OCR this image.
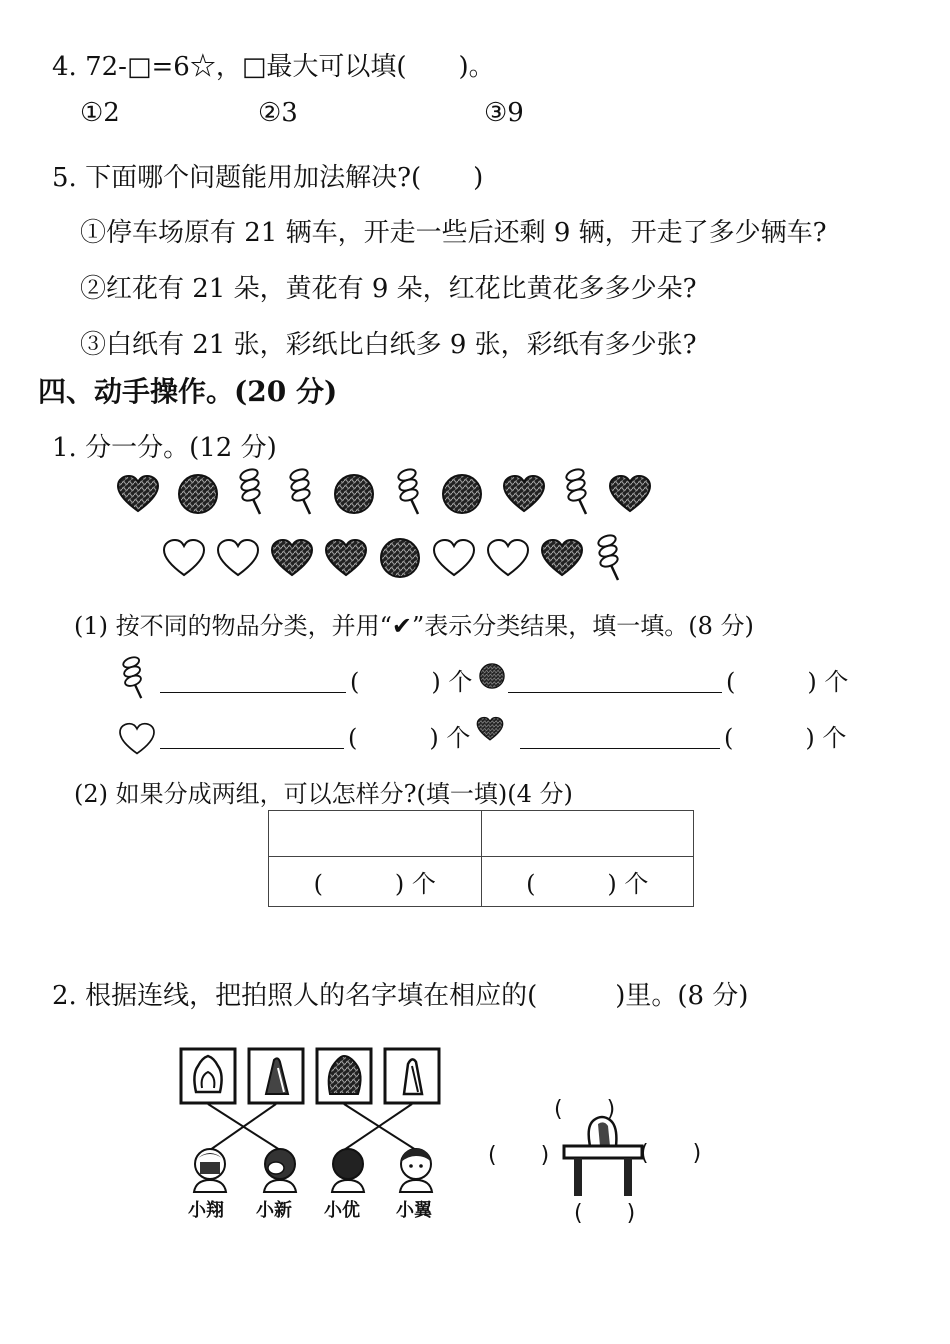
4. 72-□=6☆，□最大可以填(　　)。
①2	②3	③9
5. 下面哪个问题能用加法解决?(　　)
①停车场原有 21 辆车，开走一些后还剩 9 辆，开走了多少辆车?
②红花有 21 朵，黄花有 9 朵，红花比黄花多多少朵?
③白纸有 21 张，彩纸比白纸多 9 张，彩纸有多少张?
四、动手操作。(20 分)
1. 分一分。(12 分)
(1) 按不同的物品分类，并用“✔”表示分类结果，填一填。(8 分)
(　　　) 个	(　　　) 个
(　　　) 个	(　　　) 个
(2) 如果分成两组，可以怎样分?(填一填)(4 分)

(　　　) 个	(　　　) 个
2. 根据连线，把拍照人的名字填在相应的(　　　)里。(8 分)
小翔 小新 小优 小翼
(　　)
(　　)	(　　)
(　　)
